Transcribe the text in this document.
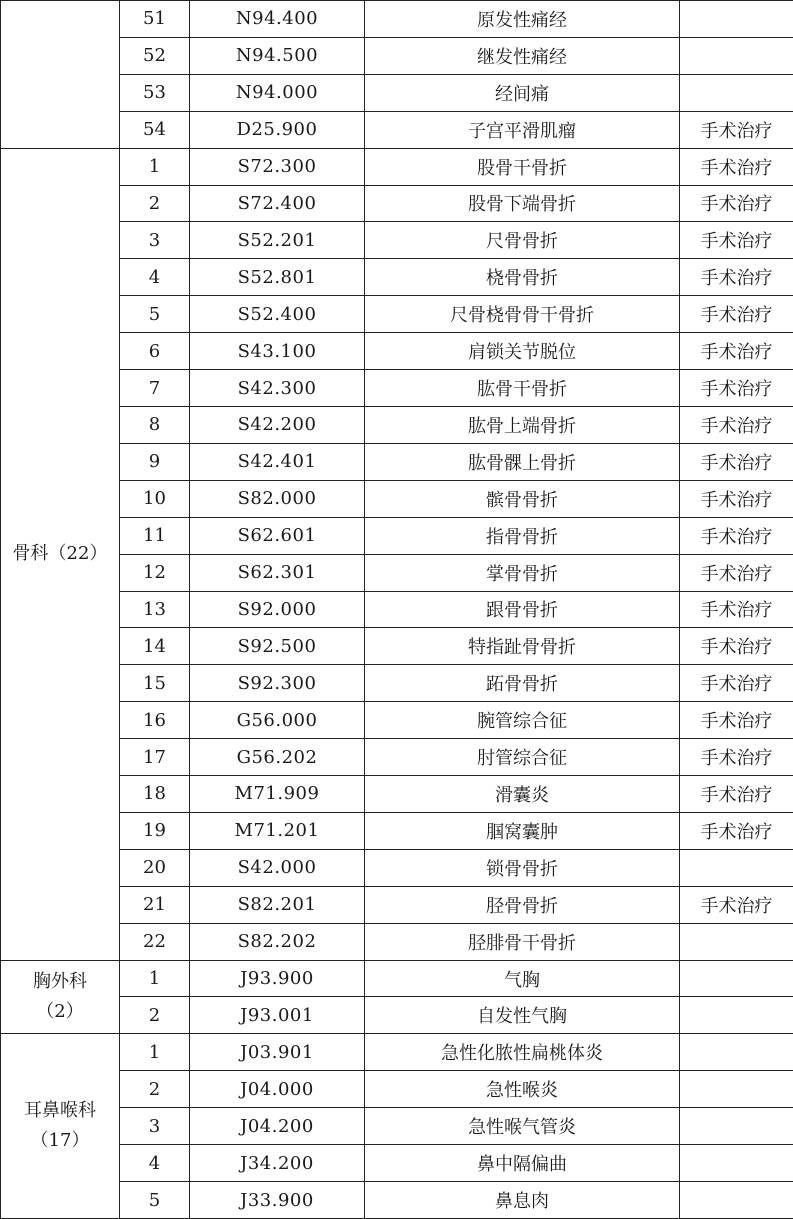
	51	N94.400	原发性痛经	
	52	N94.500	继发性痛经	
	53	N94.000	经间痛	
	54	D25.900	子宫平滑肌瘤	手术治疗

骨科（22）	1	S72.300	股骨干骨折	手术治疗
	2	S72.400	股骨下端骨折	手术治疗
	3	S52.201	尺骨骨折	手术治疗
	4	S52.801	桡骨骨折	手术治疗
	5	S52.400	尺骨桡骨骨干骨折	手术治疗
	6	S43.100	肩锁关节脱位	手术治疗
	7	S42.300	肱骨干骨折	手术治疗
	8	S42.200	肱骨上端骨折	手术治疗
	9	S42.401	肱骨髁上骨折	手术治疗
	10	S82.000	髌骨骨折	手术治疗
	11	S62.601	指骨骨折	手术治疗
	12	S62.301	掌骨骨折	手术治疗
	13	S92.000	跟骨骨折	手术治疗
	14	S92.500	特指趾骨骨折	手术治疗
	15	S92.300	跖骨骨折	手术治疗
	16	G56.000	腕管综合征	手术治疗
	17	G56.202	肘管综合征	手术治疗
	18	M71.909	滑囊炎	手术治疗
	19	M71.201	腘窝囊肿	手术治疗
	20	S42.000	锁骨骨折	
	21	S82.201	胫骨骨折	手术治疗
	22	S82.202	胫腓骨干骨折	

胸外科
（2）	1	J93.900	气胸	
	2	J93.001	自发性气胸	

耳鼻喉科
（17）	1	J03.901	急性化脓性扁桃体炎	
	2	J04.000	急性喉炎	
	3	J04.200	急性喉气管炎	
	4	J34.200	鼻中隔偏曲	
	5	J33.900	鼻息肉	
